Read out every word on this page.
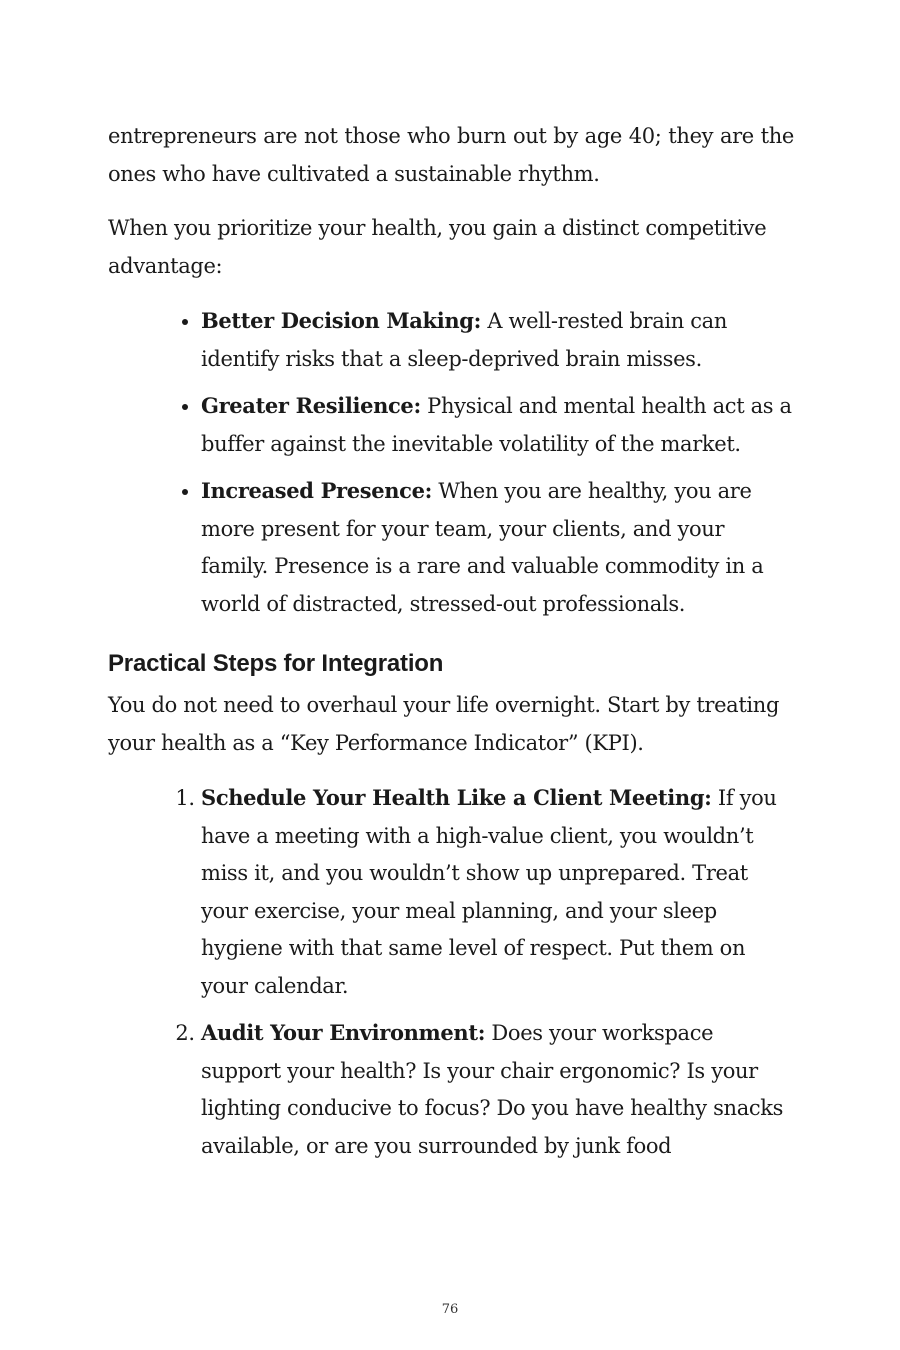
entrepreneurs are not those who burn out by age 40; they are the ones who have cultivated a sustainable rhythm.

When you prioritize your health, you gain a distinct competitive advantage:

• Better Decision Making: A well-rested brain can identify risks that a sleep-deprived brain misses.
• Greater Resilience: Physical and mental health act as a buffer against the inevitable volatility of the market.
• Increased Presence: When you are healthy, you are more present for your team, your clients, and your family. Presence is a rare and valuable commodity in a world of distracted, stressed-out professionals.
Practical Steps for Integration

You do not need to overhaul your life overnight. Start by treating your health as a “Key Performance Indicator” (KPI).

1. Schedule Your Health Like a Client Meeting: If you have a meeting with a high-value client, you wouldn’t miss it, and you wouldn’t show up unprepared. Treat your exercise, your meal planning, and your sleep hygiene with that same level of respect. Put them on your calendar.
2. Audit Your Environment: Does your workspace support your health? Is your chair ergonomic? Is your lighting conducive to focus? Do you have healthy snacks available, or are you surrounded by junk food
76
